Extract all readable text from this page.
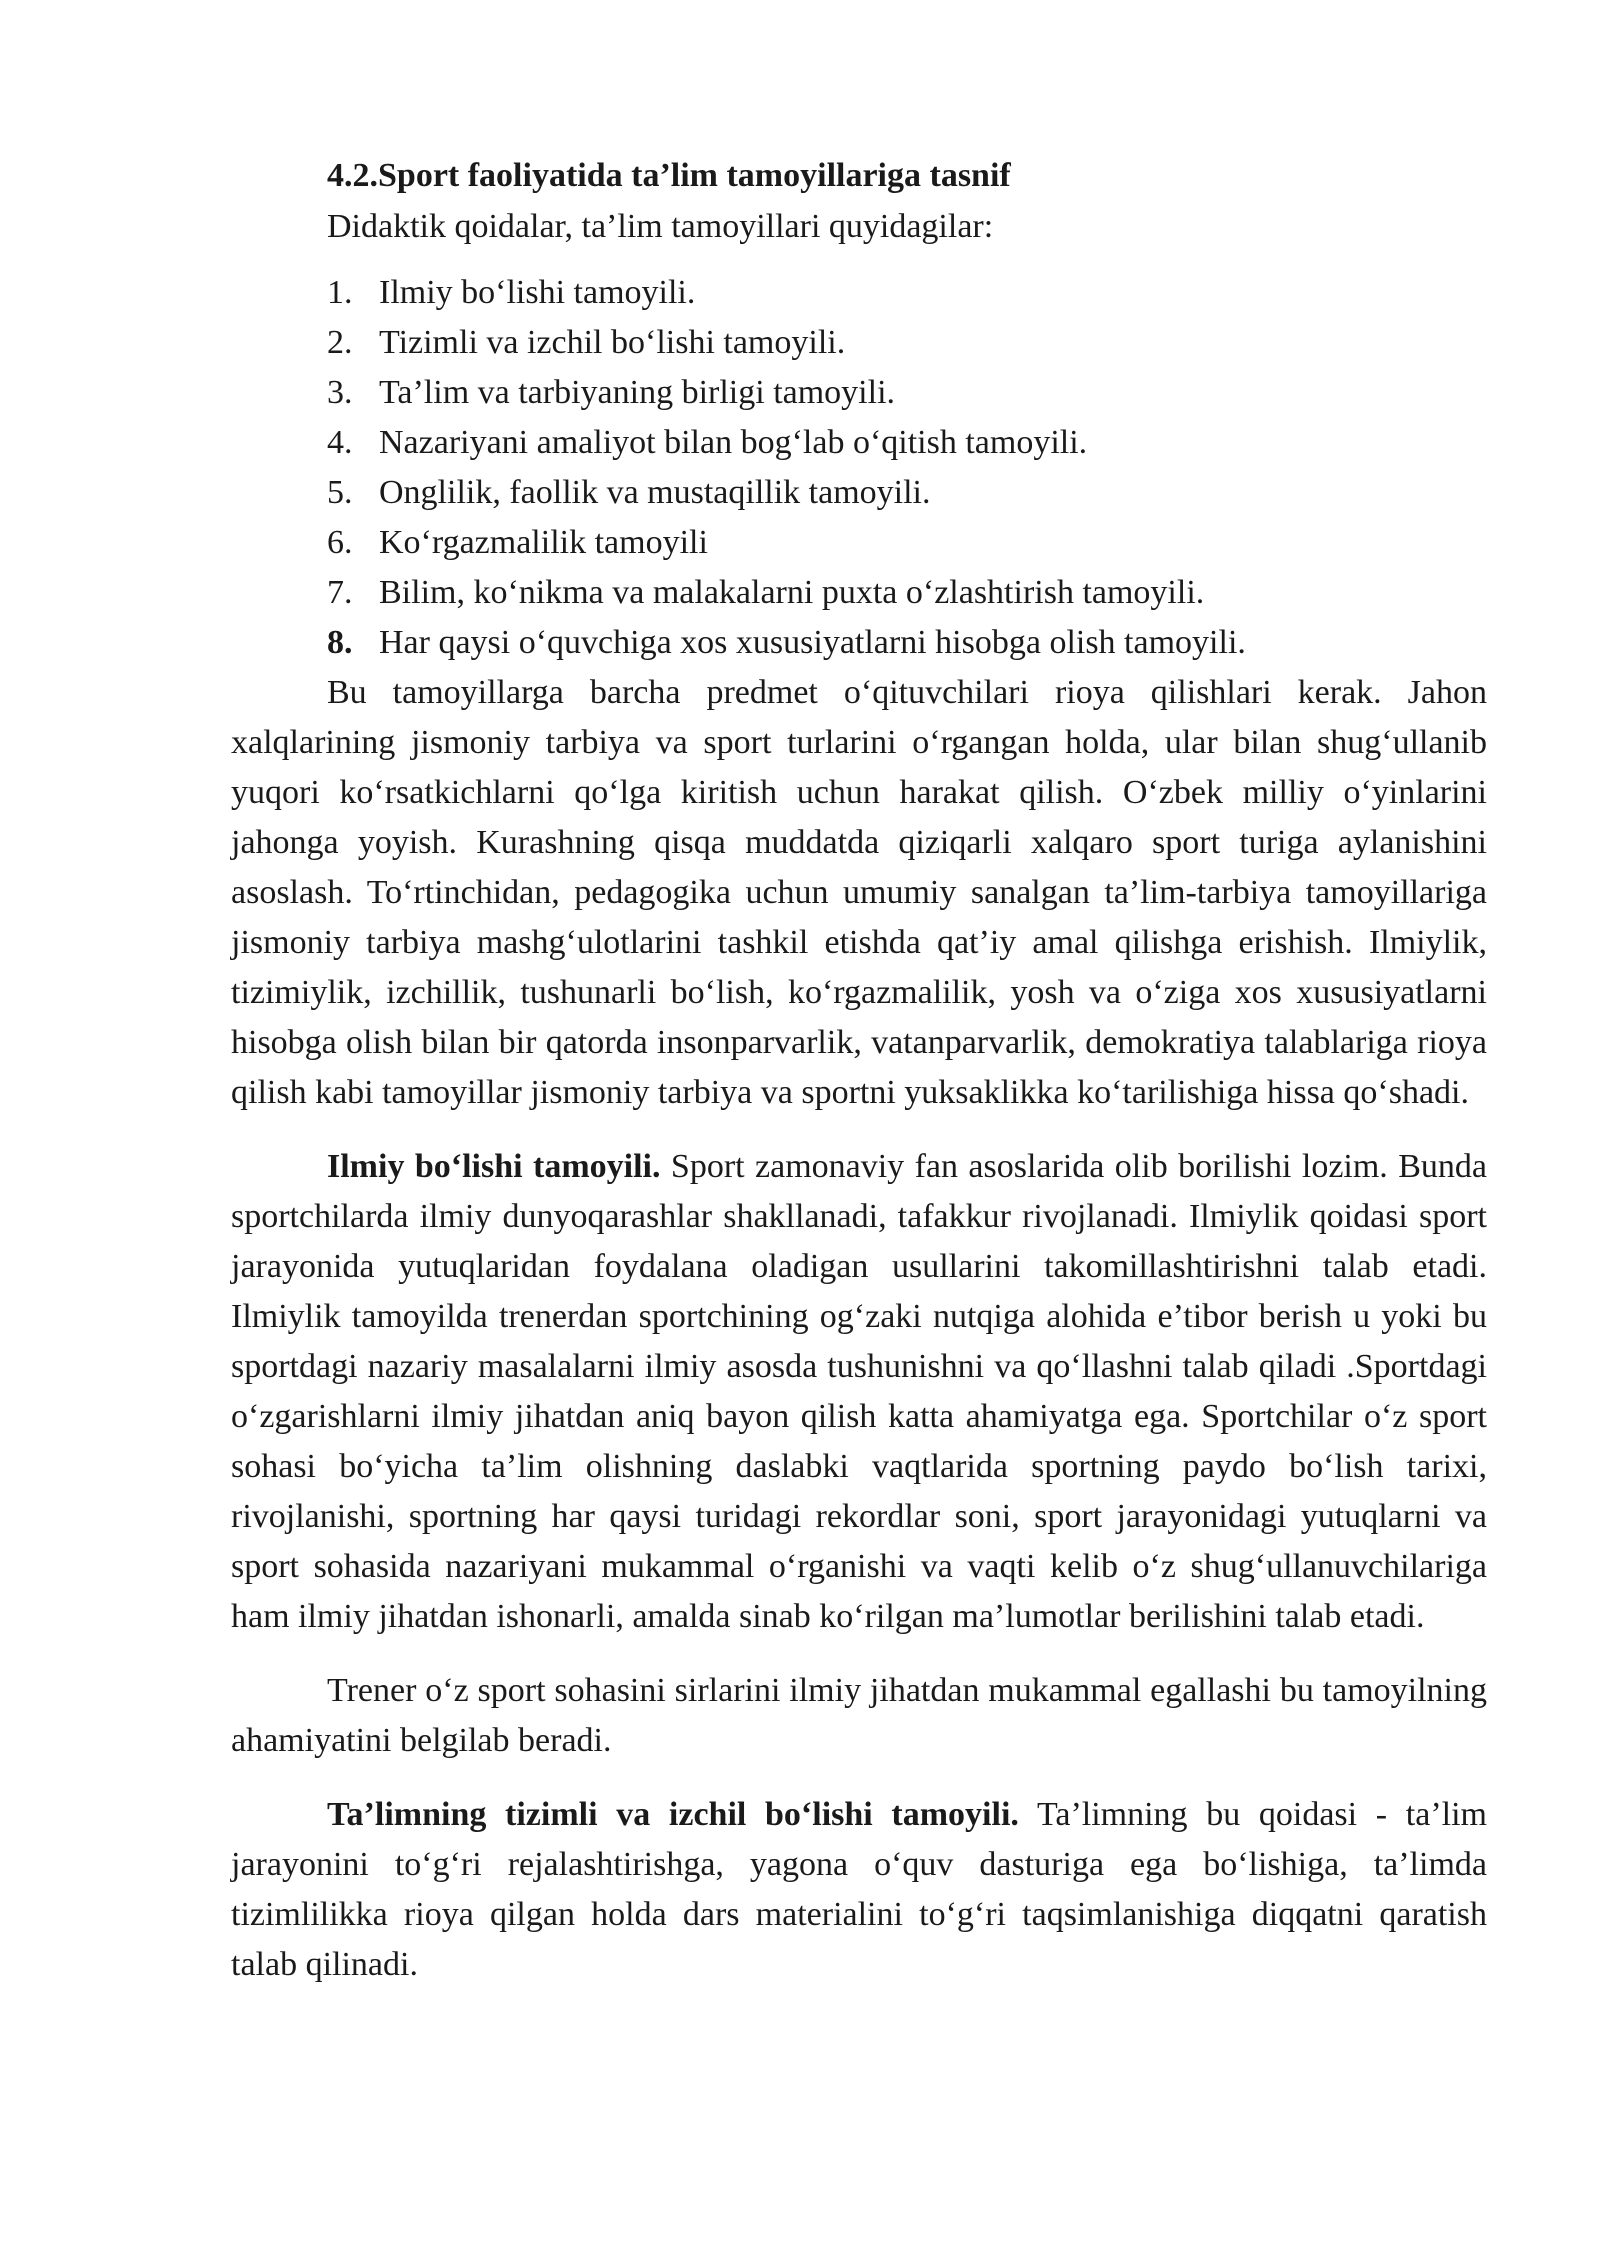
4.2.Sport faoliyatida ta’lim tamoyillariga tasnif

Didaktik qoidalar, ta’lim tamoyillari quyidagilar:

1. Ilmiy bo‘lishi tamoyili.
2. Tizimli va izchil bo‘lishi tamoyili.
3. Ta’lim va tarbiyaning birligi tamoyili.
4. Nazariyani amaliyot bilan bog‘lab o‘qitish tamoyili.
5. Onglilik, faollik va mustaqillik tamoyili.
6. Ko‘rgazmalilik tamoyili
7. Bilim, ko‘nikma va malakalarni puxta o‘zlashtirish tamoyili.
8. Har qaysi o‘quvchiga xos xususiyatlarni hisobga olish tamoyili.

Bu tamoyillarga barcha predmet o‘qituvchilari rioya qilishlari kerak. Jahon xalqlarining jismoniy tarbiya va sport turlarini o‘rgangan holda, ular bilan shug‘ullanib yuqori ko‘rsatkichlarni qo‘lga kiritish uchun harakat qilish. O‘zbek milliy o‘yinlarini jahonga yoyish. Kurashning qisqa muddatda qiziqarli xalqaro sport turiga aylanishini asoslash. To‘rtinchidan, pedagogika uchun umumiy sanalgan ta’lim-tarbiya tamoyillariga jismoniy tarbiya mashg‘ulotlarini tashkil etishda qat’iy amal qilishga erishish. Ilmiylik, tizimiylik, izchillik, tushunarli bo‘lish, ko‘rgazmalilik, yosh va o‘ziga xos xususiyatlarni hisobga olish bilan bir qatorda insonparvarlik, vatanparvarlik, demokratiya talablariga rioya qilish kabi tamoyillar jismoniy tarbiya va sportni yuksaklikka ko‘tarilishiga hissa qo‘shadi.

Ilmiy bo‘lishi tamoyili. Sport zamonaviy fan asoslarida olib borilishi lozim. Bunda sportchilarda ilmiy dunyoqarashlar shakllanadi, tafakkur rivojlanadi. Ilmiylik qoidasi sport jarayonida yutuqlaridan foydalana oladigan usullarini takomillashtirishni talab etadi. Ilmiylik tamoyilda trenerdan sportchining og‘zaki nutqiga alohida e’tibor berish u yoki bu sportdagi nazariy masalalarni ilmiy asosda tushunishni va qo‘llashni talab qiladi .Sportdagi o‘zgarishlarni ilmiy jihatdan aniq bayon qilish katta ahamiyatga ega. Sportchilar o‘z sport sohasi bo‘yicha ta’lim olishning daslabki vaqtlarida sportning paydo bo‘lish tarixi, rivojlanishi, sportning har qaysi turidagi rekordlar soni, sport jarayonidagi yutuqlarni va sport sohasida nazariyani mukammal o‘rganishi va vaqti kelib o‘z shug‘ullanuvchilariga ham ilmiy jihatdan ishonarli, amalda sinab ko‘rilgan ma’lumotlar berilishini talab etadi.

Trener o‘z sport sohasini sirlarini ilmiy jihatdan mukammal egallashi bu tamoyilning ahamiyatini belgilab beradi.

Ta’limning tizimli va izchil bo‘lishi tamoyili. Ta’limning bu qoidasi - ta’lim jarayonini to‘g‘ri rejalashtirishga, yagona o‘quv dasturiga ega bo‘lishiga, ta’limda tizimlilikka rioya qilgan holda dars materialini to‘g‘ri taqsimlanishiga diqqatni qaratish talab qilinadi.
